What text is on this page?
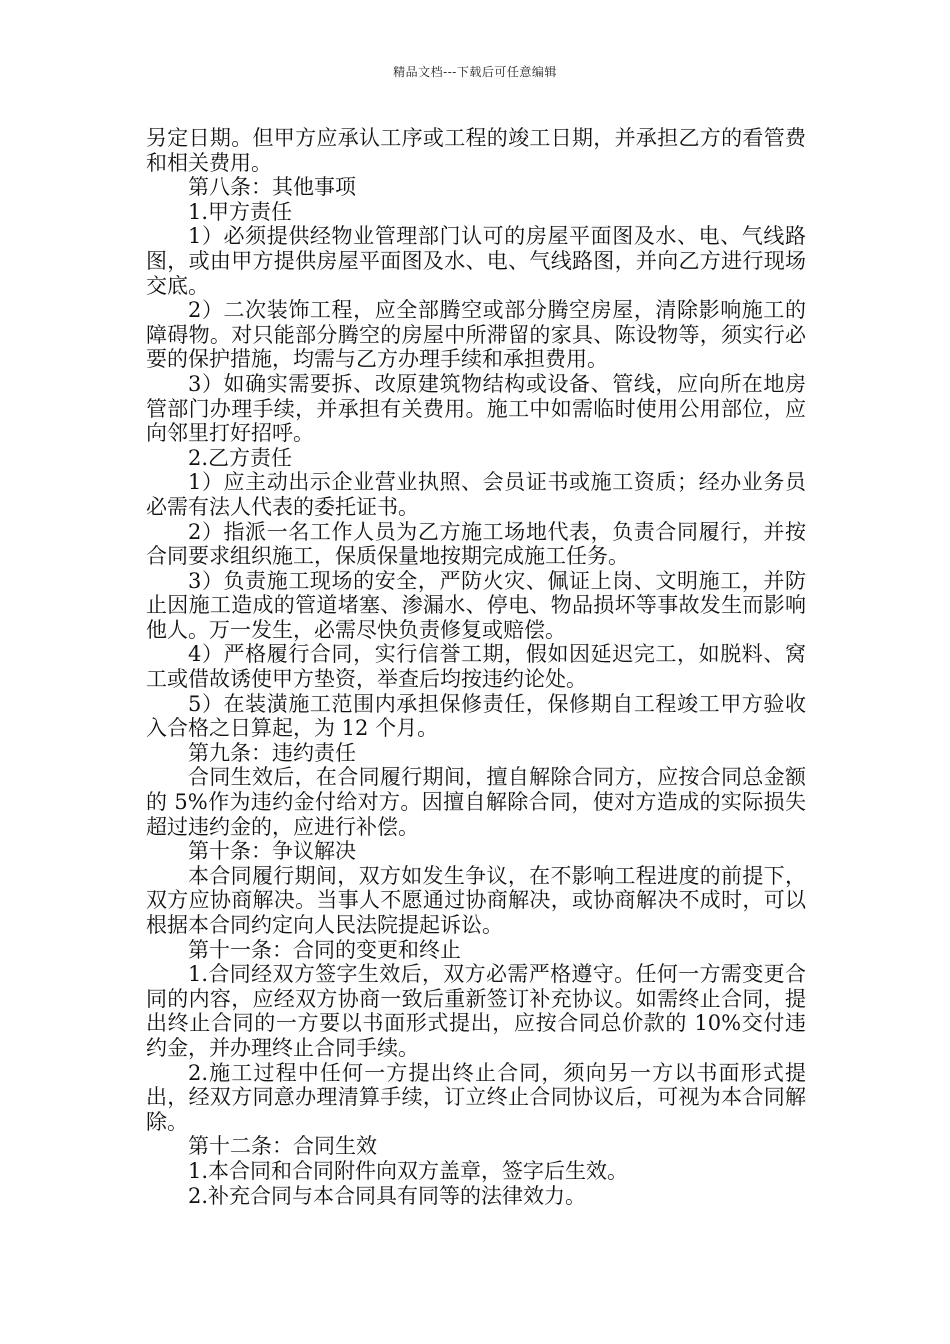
精品文档---下载后可任意编辑

另定日期。但甲方应承认工序或工程的竣工日期，并承担乙方的看管费和相关费用。

第八条：其他事项

1.甲方责任

1）必须提供经物业管理部门认可的房屋平面图及水、电、气线路图，或由甲方提供房屋平面图及水、电、气线路图，并向乙方进行现场交底。

2）二次装饰工程，应全部腾空或部分腾空房屋，清除影响施工的障碍物。对只能部分腾空的房屋中所滞留的家具、陈设物等，须实行必要的保护措施，均需与乙方办理手续和承担费用。

3）如确实需要拆、改原建筑物结构或设备、管线，应向所在地房管部门办理手续，并承担有关费用。施工中如需临时使用公用部位，应向邻里打好招呼。

2.乙方责任

1）应主动出示企业营业执照、会员证书或施工资质；经办业务员必需有法人代表的委托证书。

2）指派一名工作人员为乙方施工场地代表，负责合同履行，并按合同要求组织施工，保质保量地按期完成施工任务。

3）负责施工现场的安全，严防火灾、佩证上岗、文明施工，并防止因施工造成的管道堵塞、渗漏水、停电、物品损坏等事故发生而影响他人。万一发生，必需尽快负责修复或赔偿。

4）严格履行合同，实行信誉工期，假如因延迟完工，如脱料、窝工或借故诱使甲方垫资，举查后均按违约论处。

5）在装潢施工范围内承担保修责任，保修期自工程竣工甲方验收入合格之日算起，为 12 个月。

第九条：违约责任

合同生效后，在合同履行期间，擅自解除合同方，应按合同总金额的 5%作为违约金付给对方。因擅自解除合同，使对方造成的实际损失超过违约金的，应进行补偿。

第十条：争议解决

本合同履行期间，双方如发生争议，在不影响工程进度的前提下，双方应协商解决。当事人不愿通过协商解决，或协商解决不成时，可以根据本合同约定向人民法院提起诉讼。

第十一条：合同的变更和终止

1.合同经双方签字生效后，双方必需严格遵守。任何一方需变更合同的内容，应经双方协商一致后重新签订补充协议。如需终止合同，提出终止合同的一方要以书面形式提出，应按合同总价款的 10%交付违约金，并办理终止合同手续。

2.施工过程中任何一方提出终止合同，须向另一方以书面形式提出，经双方同意办理清算手续，订立终止合同协议后，可视为本合同解除。

第十二条：合同生效

1.本合同和合同附件向双方盖章，签字后生效。

2.补充合同与本合同具有同等的法律效力。
